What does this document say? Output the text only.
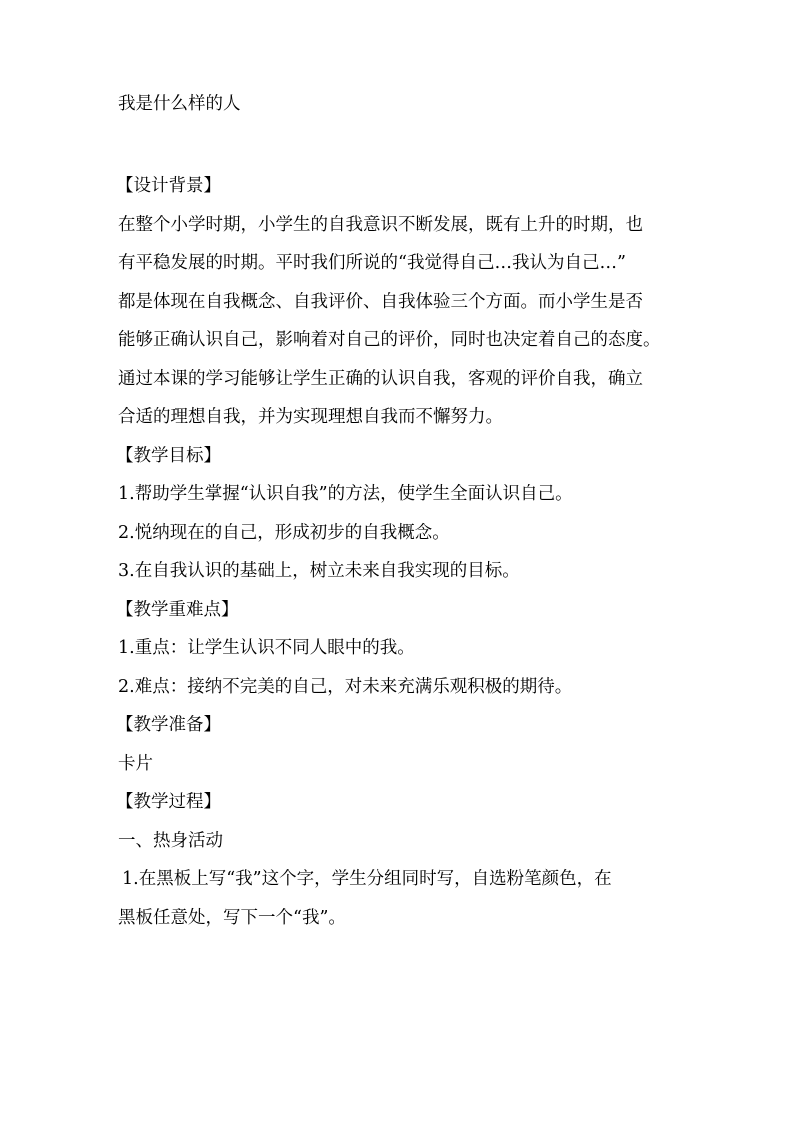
我是什么样的人

【设计背景】

在整个小学时期，小学生的自我意识不断发展，既有上升的时期，也

有平稳发展的时期。平时我们所说的“我觉得自己…我认为自己…”

都是体现在自我概念、自我评价、自我体验三个方面。而小学生是否

能够正确认识自己，影响着对自己的评价，同时也决定着自己的态度。

通过本课的学习能够让学生正确的认识自我，客观的评价自我，确立

合适的理想自我，并为实现理想自我而不懈努力。

【教学目标】

1.帮助学生掌握“认识自我”的方法，使学生全面认识自己。

2.悦纳现在的自己，形成初步的自我概念。

3.在自我认识的基础上，树立未来自我实现的目标。

【教学重难点】

1.重点：让学生认识不同人眼中的我。

2.难点：接纳不完美的自己，对未来充满乐观积极的期待。

【教学准备】

卡片

【教学过程】

一、热身活动

1.在黑板上写“我”这个字，学生分组同时写，自选粉笔颜色，在

黑板任意处，写下一个“我”。
